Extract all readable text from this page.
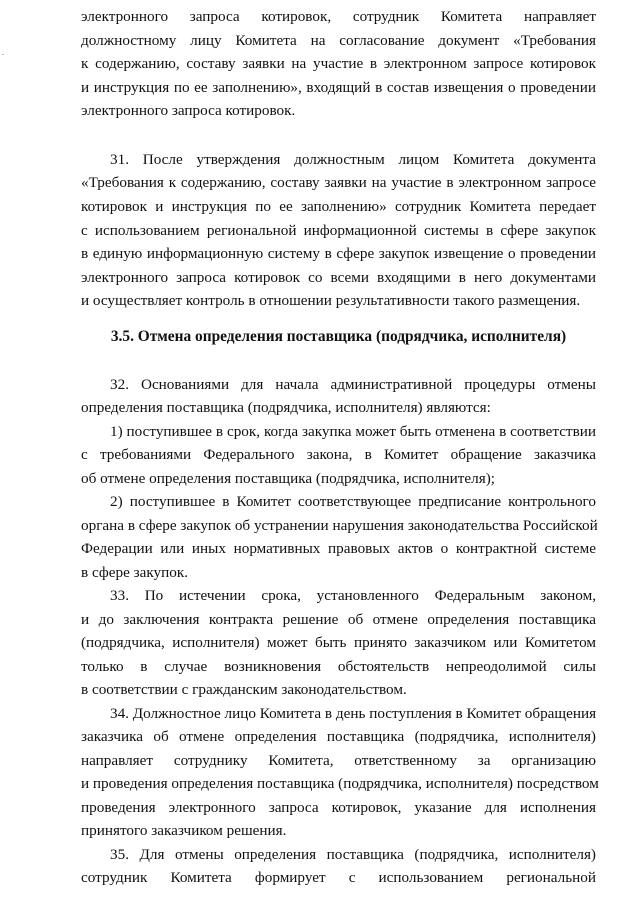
электронного запроса котировок, сотрудник Комитета направляет
должностному лицу Комитета на согласование документ «Требования
к содержанию, составу заявки на участие в электронном запросе котировок
и инструкция по ее заполнению», входящий в состав извещения о проведении
электронного запроса котировок.
31. После утверждения должностным лицом Комитета документа
«Требования к содержанию, составу заявки на участие в электронном запросе
котировок и инструкция по ее заполнению» сотрудник Комитета передает
с использованием региональной информационной системы в сфере закупок
в единую информационную систему в сфере закупок извещение о проведении
электронного запроса котировок со всеми входящими в него документами
и осуществляет контроль в отношении результативности такого размещения.
3.5. Отмена определения поставщика (подрядчика, исполнителя)
32. Основаниями для начала административной процедуры отмены
определения поставщика (подрядчика, исполнителя) являются:
1) поступившее в срок, когда закупка может быть отменена в соответствии
с требованиями Федерального закона, в Комитет обращение заказчика
об отмене определения поставщика (подрядчика, исполнителя);
2) поступившее в Комитет соответствующее предписание контрольного
органа в сфере закупок об устранении нарушения законодательства Российской
Федерации или иных нормативных правовых актов о контрактной системе
в сфере закупок.
33. По истечении срока, установленного Федеральным законом,
и до заключения контракта решение об отмене определения поставщика
(подрядчика, исполнителя) может быть принято заказчиком или Комитетом
только в случае возникновения обстоятельств непреодолимой силы
в соответствии с гражданским законодательством.
34. Должностное лицо Комитета в день поступления в Комитет обращения
заказчика об отмене определения поставщика (подрядчика, исполнителя)
направляет сотруднику Комитета, ответственному за организацию
и проведения определения поставщика (подрядчика, исполнителя) посредством
проведения электронного запроса котировок, указание для исполнения
принятого заказчиком решения.
35. Для отмены определения поставщика (подрядчика, исполнителя)
сотрудник Комитета формирует с использованием региональной
